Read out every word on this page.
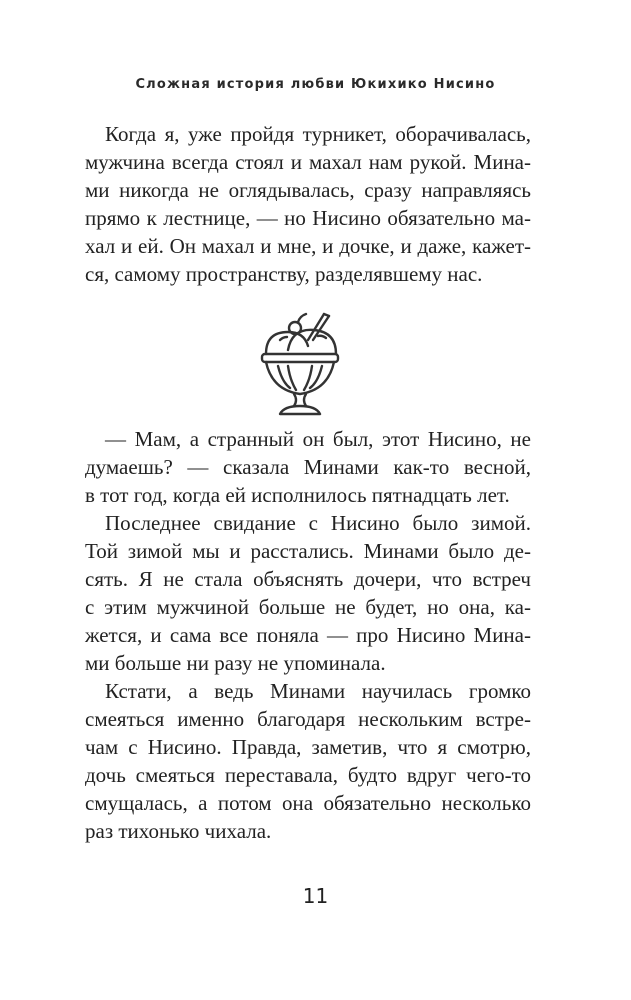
Сложная история любви Юкихико Нисино
Когда я, уже пройдя турникет, оборачивалась,
мужчина всегда стоял и махал нам рукой. Мина-
ми никогда не оглядывалась, сразу направляясь
прямо к лестнице, — но Нисино обязательно ма-
хал и ей. Он махал и мне, и дочке, и даже, кажет-
ся, самому пространству, разделявшему нас.
— Мам, а странный он был, этот Нисино, не
думаешь? — сказала Минами как-то весной,
в тот год, когда ей исполнилось пятнадцать лет.
Последнее свидание с Нисино было зимой.
Той зимой мы и расстались. Минами было де-
сять. Я не стала объяснять дочери, что встреч
с этим мужчиной больше не будет, но она, ка-
жется, и сама все поняла — про Нисино Мина-
ми больше ни разу не упоминала.
Кстати, а ведь Минами научилась громко
смеяться именно благодаря нескольким встре-
чам с Нисино. Правда, заметив, что я смотрю,
дочь смеяться переставала, будто вдруг чего-то
смущалась, а потом она обязательно несколько
раз тихонько чихала.
11
